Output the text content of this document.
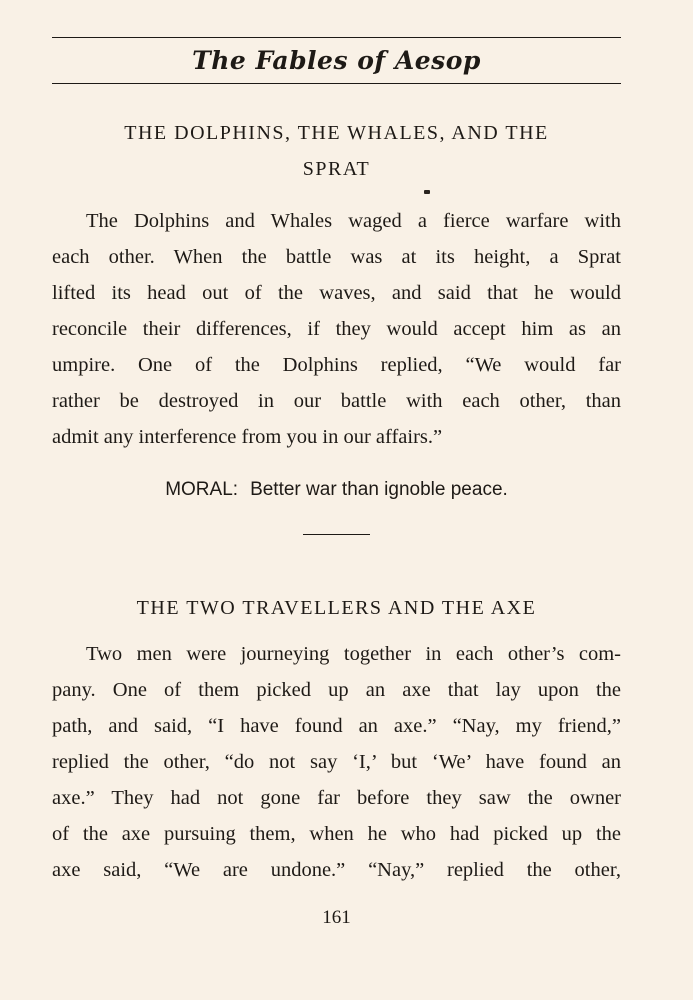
The Fables of Aesop
THE DOLPHINS, THE WHALES, AND THE
SPRAT
The Dolphins and Whales waged a fierce warfare with
each other. When the battle was at its height, a Sprat
lifted its head out of the waves, and said that he would
reconcile their differences, if they would accept him as an
umpire. One of the Dolphins replied, “We would far
rather be destroyed in our battle with each other, than
admit any interference from you in our affairs.”
MORAL: Better war than ignoble peace.
THE TWO TRAVELLERS AND THE AXE
Two men were journeying together in each other’s com-
pany. One of them picked up an axe that lay upon the
path, and said, “I have found an axe.” “Nay, my friend,”
replied the other, “do not say ‘I,’ but ‘We’ have found an
axe.” They had not gone far before they saw the owner
of the axe pursuing them, when he who had picked up the
axe said, “We are undone.” “Nay,” replied the other,
161
